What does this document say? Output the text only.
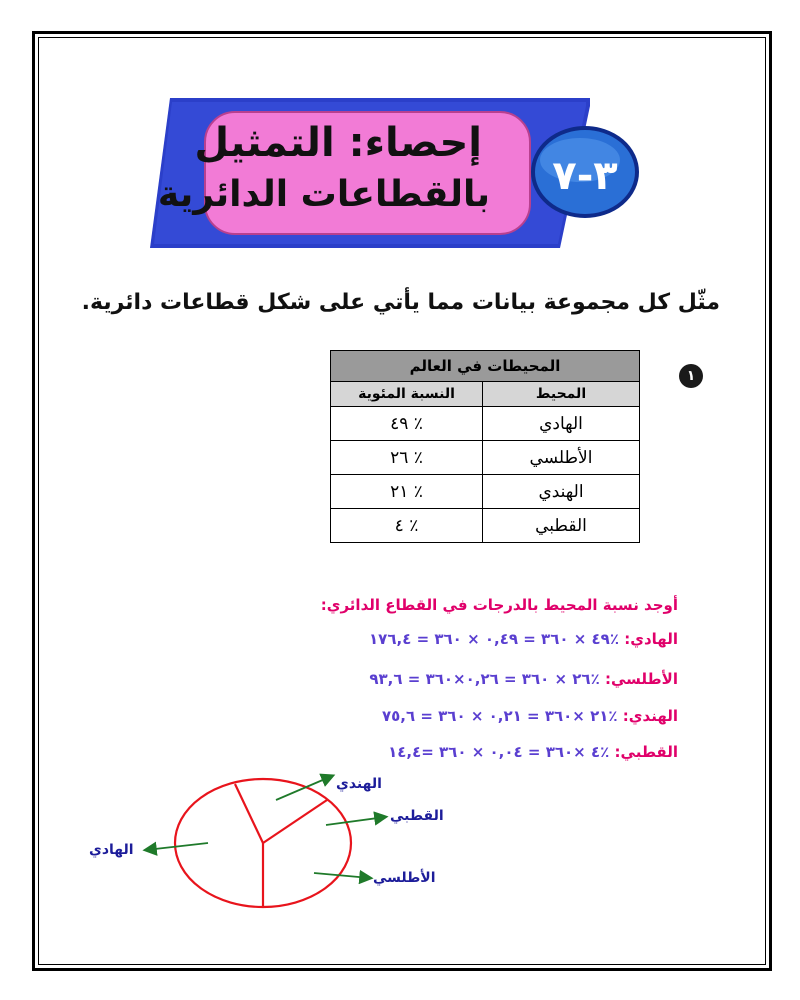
إحصاء: التمثيل
بالقطاعات الدائرية ٣-٧
مثّل كل مجموعة بيانات مما يأتي على شكل قطاعات دائرية.
١
المحيطات في العالم	
المحيط	النسبة المئوية
الهادي	٪ ٤٩
الأطلسي	٪ ٢٦
الهندي	٪ ٢١
القطبي	٪ ٤
أوجد نسبة المحيط بالدرجات في القطاع الدائري:
الهادي: ٪٤٩ × ٣٦٠ = ٠,٤٩ × ٣٦٠ = ١٧٦,٤
الأطلسي: ٪٢٦ × ٣٦٠ = ٠,٢٦×٣٦٠ = ٩٣,٦
الهندي: ٪٢١ ×٣٦٠ = ٠,٢١ × ٣٦٠ = ٧٥,٦
القطبي: ٪٤ ×٣٦٠ = ٠,٠٤ × ٣٦٠ =١٤,٤
الهندي
القطبي
الهادي
الأطلسي
